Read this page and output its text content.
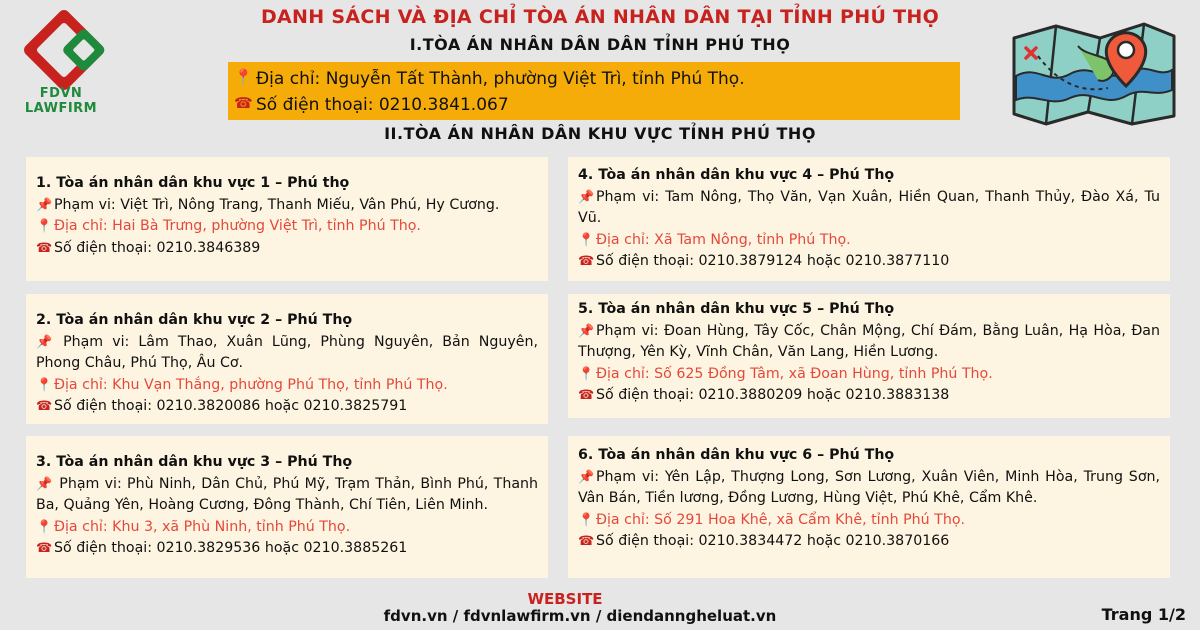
FDVN LAWFIRM
DANH SÁCH VÀ ĐỊA CHỈ TÒA ÁN NHÂN DÂN TẠI TỈNH PHÚ THỌ
I.TÒA ÁN NHÂN DÂN DÂN TỈNH PHÚ THỌ
📍 Địa chỉ: Nguyễn Tất Thành, phường Việt Trì, tỉnh Phú Thọ.
☎ Số điện thoại: 0210.3841.067
II.TÒA ÁN NHÂN DÂN KHU VỰC TỈNH PHÚ THỌ
1. Tòa án nhân dân khu vực 1 – Phú thọ
📌 Phạm vi: Việt Trì, Nông Trang, Thanh Miếu, Vân Phú, Hy Cương.
📍 Địa chỉ: Hai Bà Trưng, phường Việt Trì, tỉnh Phú Thọ.
☎ Số điện thoại: 0210.3846389
2. Tòa án nhân dân khu vực 2 – Phú Thọ
📌 Phạm vi: Lâm Thao, Xuân Lũng, Phùng Nguyên, Bản Nguyên, Phong Châu, Phú Thọ, Âu Cơ.
📍 Địa chỉ: Khu Vạn Thắng, phường Phú Thọ, tỉnh Phú Thọ.
☎ Số điện thoại: 0210.3820086 hoặc 0210.3825791
3. Tòa án nhân dân khu vực 3 – Phú Thọ
📌 Phạm vi: Phù Ninh, Dân Chủ, Phú Mỹ, Trạm Thản, Bình Phú, Thanh Ba, Quảng Yên, Hoàng Cương, Đông Thành, Chí Tiên, Liên Minh.
📍 Địa chỉ: Khu 3, xã Phù Ninh, tỉnh Phú Thọ.
☎ Số điện thoại: 0210.3829536 hoặc 0210.3885261
4. Tòa án nhân dân khu vực 4 – Phú Thọ
📌 Phạm vi: Tam Nông, Thọ Văn, Vạn Xuân, Hiền Quan, Thanh Thủy, Đào Xá, Tu Vũ.
📍 Địa chỉ: Xã Tam Nông, tỉnh Phú Thọ.
☎ Số điện thoại: 0210.3879124 hoặc 0210.3877110
5. Tòa án nhân dân khu vực 5 – Phú Thọ
📌 Phạm vi: Đoan Hùng, Tây Cốc, Chân Mộng, Chí Đám, Bằng Luân, Hạ Hòa, Đan Thượng, Yên Kỳ, Vĩnh Chân, Văn Lang, Hiền Lương.
📍 Địa chỉ: Số 625 Đồng Tâm, xã Đoan Hùng, tỉnh Phú Thọ.
☎ Số điện thoại: 0210.3880209 hoặc 0210.3883138
6. Tòa án nhân dân khu vực 6 – Phú Thọ
📌 Phạm vi: Yên Lập, Thượng Long, Sơn Lương, Xuân Viên, Minh Hòa, Trung Sơn, Vân Bán, Tiền lương, Đồng Lương, Hùng Việt, Phú Khê, Cẩm Khê.
📍 Địa chỉ: Số 291 Hoa Khê, xã Cẩm Khê, tỉnh Phú Thọ.
☎ Số điện thoại: 0210.3834472 hoặc 0210.3870166
WEBSITE
fdvn.vn / fdvnlawfirm.vn / diendanngheluat.vn	Trang 1/2
